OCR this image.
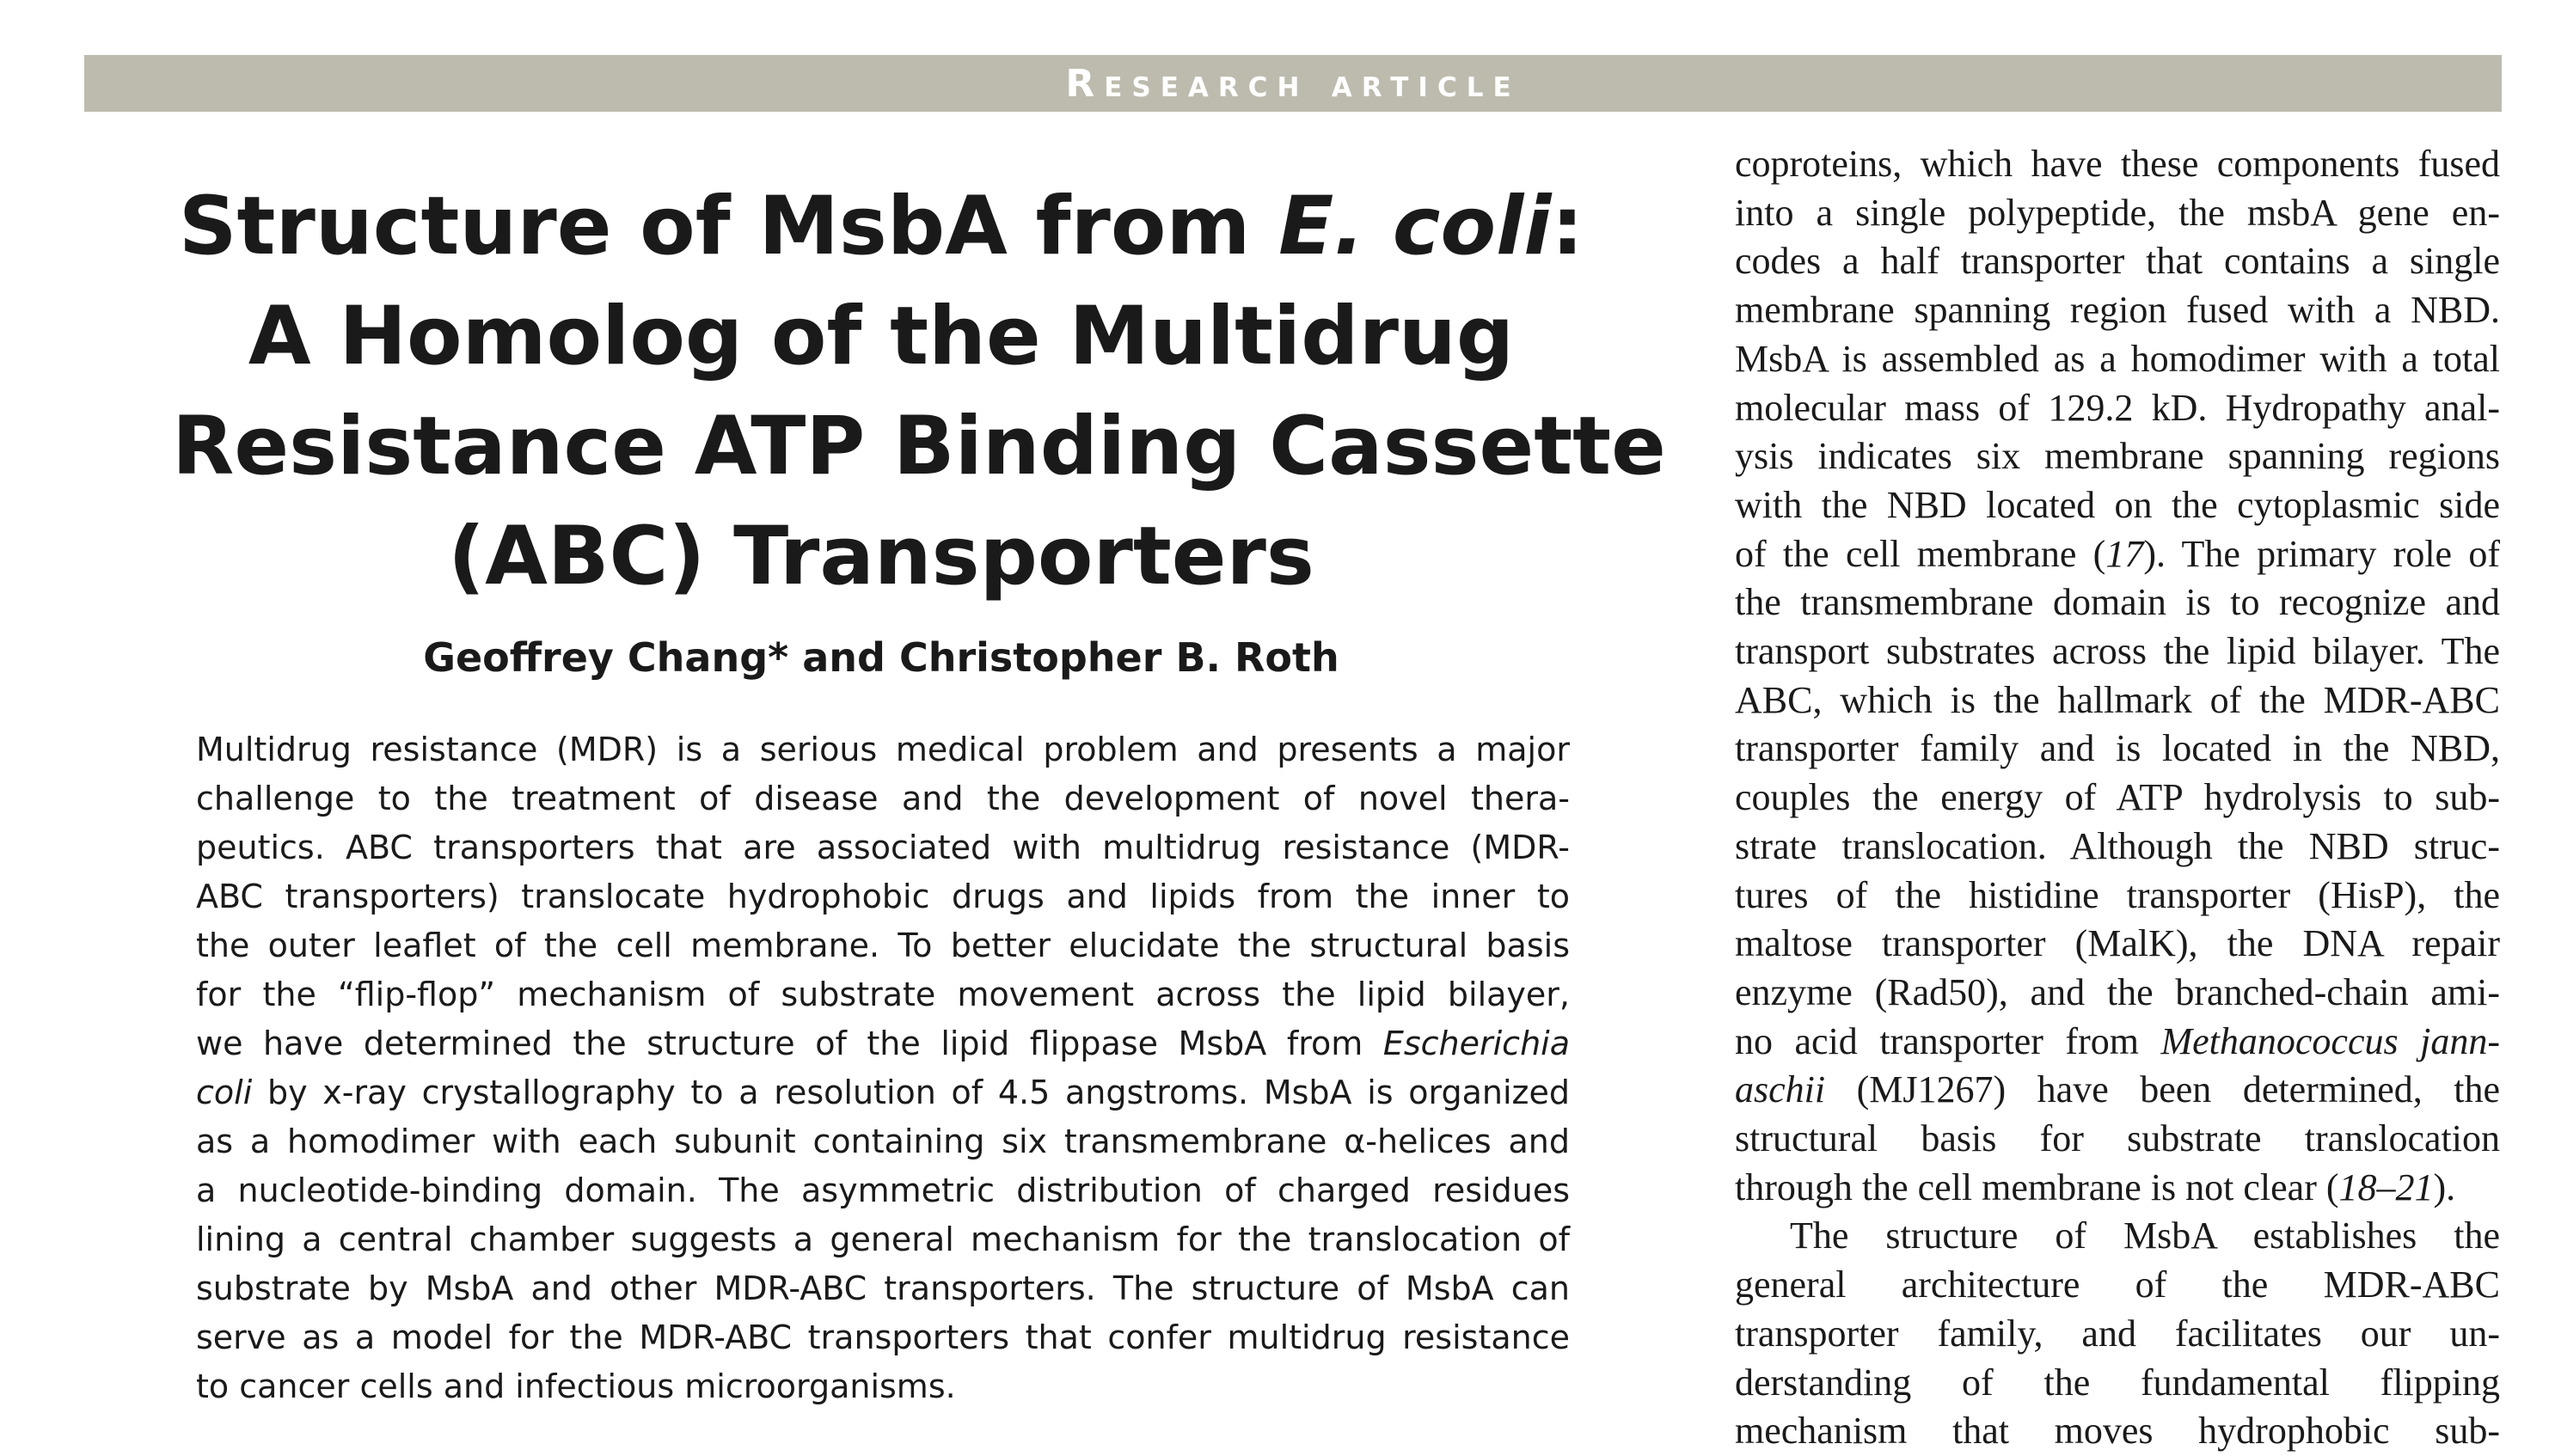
Research article
Structure of MsbA from E. coli:
A Homolog of the Multidrug
Resistance ATP Binding Cassette
(ABC) Transporters
Geoffrey Chang* and Christopher B. Roth
Multidrug resistance (MDR) is a serious medical problem and presents a major
challenge to the treatment of disease and the development of novel thera-
peutics. ABC transporters that are associated with multidrug resistance (MDR-
ABC transporters) translocate hydrophobic drugs and lipids from the inner to
the outer leaflet of the cell membrane. To better elucidate the structural basis
for the “flip-flop” mechanism of substrate movement across the lipid bilayer,
we have determined the structure of the lipid flippase MsbA from Escherichia
coli by x-ray crystallography to a resolution of 4.5 angstroms. MsbA is organized
as a homodimer with each subunit containing six transmembrane α-helices and
a nucleotide-binding domain. The asymmetric distribution of charged residues
lining a central chamber suggests a general mechanism for the translocation of
substrate by MsbA and other MDR-ABC transporters. The structure of MsbA can
serve as a model for the MDR-ABC transporters that confer multidrug resistance
to cancer cells and infectious microorganisms.
coproteins, which have these components fused
into a single polypeptide, the msbA gene en-
codes a half transporter that contains a single
membrane spanning region fused with a NBD.
MsbA is assembled as a homodimer with a total
molecular mass of 129.2 kD. Hydropathy anal-
ysis indicates six membrane spanning regions
with the NBD located on the cytoplasmic side
of the cell membrane (17). The primary role of
the transmembrane domain is to recognize and
transport substrates across the lipid bilayer. The
ABC, which is the hallmark of the MDR-ABC
transporter family and is located in the NBD,
couples the energy of ATP hydrolysis to sub-
strate translocation. Although the NBD struc-
tures of the histidine transporter (HisP), the
maltose transporter (MalK), the DNA repair
enzyme (Rad50), and the branched-chain ami-
no acid transporter from Methanococcus jann-
aschii (MJ1267) have been determined, the
structural basis for substrate translocation
through the cell membrane is not clear (18–21).
The structure of MsbA establishes the
general architecture of the MDR-ABC
transporter family, and facilitates our un-
derstanding of the fundamental flipping
mechanism that moves hydrophobic sub-
